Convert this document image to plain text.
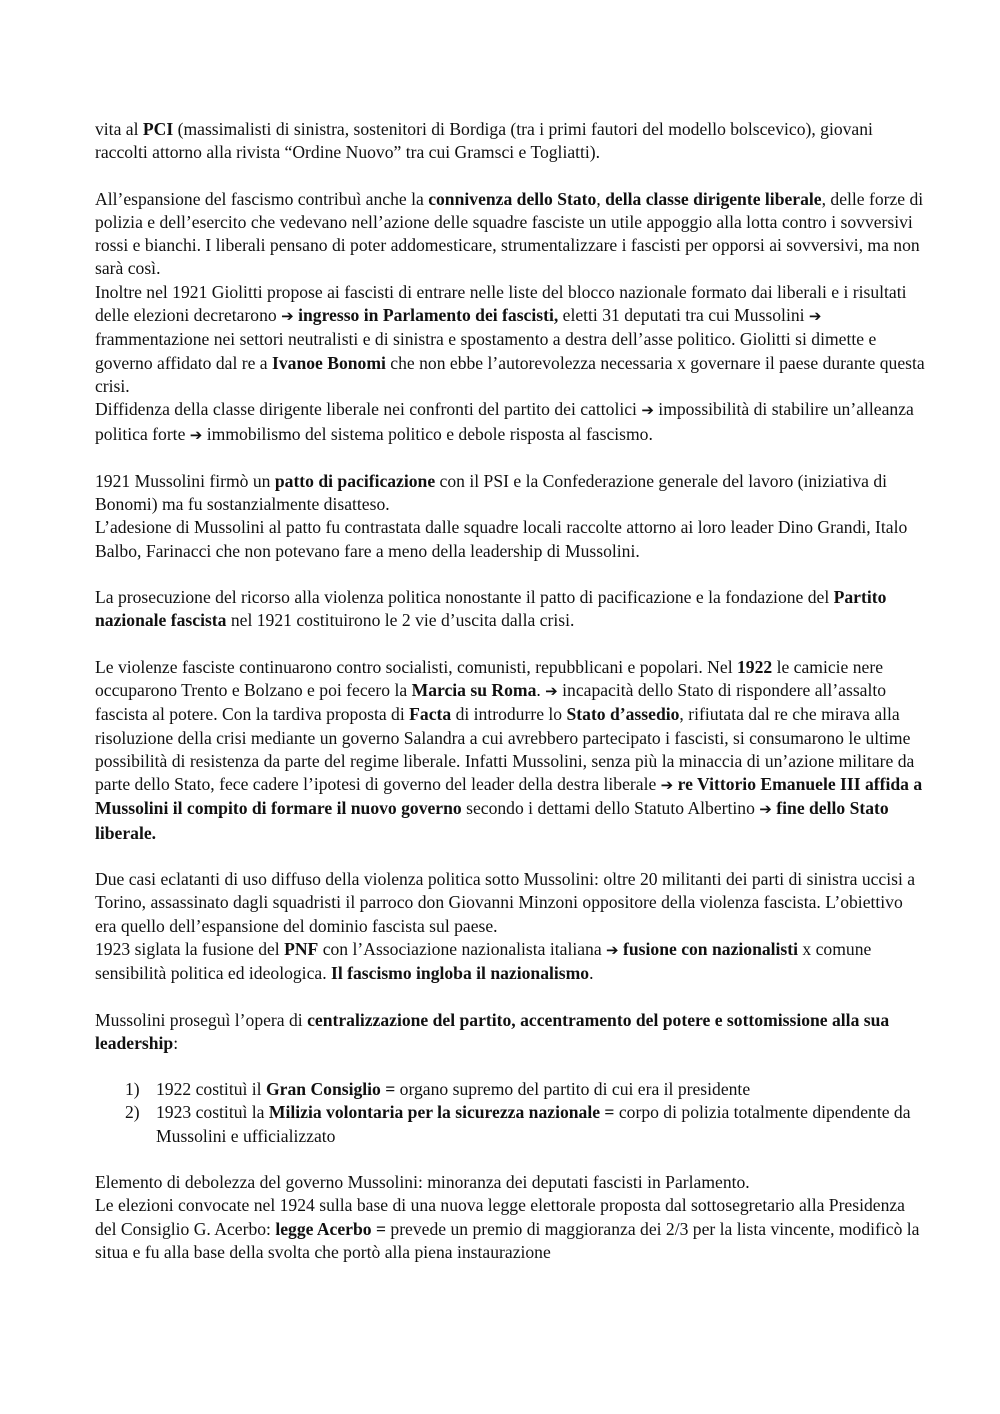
vita al PCI (massimalisti di sinistra, sostenitori di Bordiga (tra i primi fautori del modello bolscevico), giovani raccolti attorno alla rivista “Ordine Nuovo” tra cui Gramsci e Togliatti).

All’espansione del fascismo contribuì anche la connivenza dello Stato, della classe dirigente liberale, delle forze di polizia e dell’esercito che vedevano nell’azione delle squadre fasciste un utile appoggio alla lotta contro i sovversivi rossi e bianchi. I liberali pensano di poter addomesticare, strumentalizzare i fascisti per opporsi ai sovversivi, ma non sarà così.

Inoltre nel 1921 Giolitti propose ai fascisti di entrare nelle liste del blocco nazionale formato dai liberali e i risultati delle elezioni decretarono ➔ ingresso in Parlamento dei fascisti, eletti 31 deputati tra cui Mussolini ➔ frammentazione nei settori neutralisti e di sinistra e spostamento a destra dell’asse politico. Giolitti si dimette e governo affidato dal re a Ivanoe Bonomi che non ebbe l’autorevolezza necessaria x governare il paese durante questa crisi.

Diffidenza della classe dirigente liberale nei confronti del partito dei cattolici ➔ impossibilità di stabilire un’alleanza politica forte ➔ immobilismo del sistema politico e debole risposta al fascismo.

1921 Mussolini firmò un patto di pacificazione con il PSI e la Confederazione generale del lavoro (iniziativa di Bonomi) ma fu sostanzialmente disatteso.

L’adesione di Mussolini al patto fu contrastata dalle squadre locali raccolte attorno ai loro leader Dino Grandi, Italo Balbo, Farinacci che non potevano fare a meno della leadership di Mussolini.

La prosecuzione del ricorso alla violenza politica nonostante il patto di pacificazione e la fondazione del Partito nazionale fascista nel 1921 costituirono le 2 vie d’uscita dalla crisi.

Le violenze fasciste continuarono contro socialisti, comunisti, repubblicani e popolari. Nel 1922 le camicie nere occuparono Trento e Bolzano e poi fecero la Marcia su Roma. ➔ incapacità dello Stato di rispondere all’assalto fascista al potere. Con la tardiva proposta di Facta di introdurre lo Stato d’assedio, rifiutata dal re che mirava alla risoluzione della crisi mediante un governo Salandra a cui avrebbero partecipato i fascisti, si consumarono le ultime possibilità di resistenza da parte del regime liberale. Infatti Mussolini, senza più la minaccia di un’azione militare da parte dello Stato, fece cadere l’ipotesi di governo del leader della destra liberale ➔ re Vittorio Emanuele III affida a Mussolini il compito di formare il nuovo governo secondo i dettami dello Statuto Albertino ➔ fine dello Stato liberale.

Due casi eclatanti di uso diffuso della violenza politica sotto Mussolini: oltre 20 militanti dei parti di sinistra uccisi a Torino, assassinato dagli squadristi il parroco don Giovanni Minzoni oppositore della violenza fascista. L’obiettivo era quello dell’espansione del dominio fascista sul paese.

1923 siglata la fusione del PNF con l’Associazione nazionalista italiana ➔ fusione con nazionalisti x comune sensibilità politica ed ideologica. Il fascismo ingloba il nazionalismo.

Mussolini proseguì l’opera di centralizzazione del partito, accentramento del potere e sottomissione alla sua leadership:

1) 1922 costituì il Gran Consiglio = organo supremo del partito di cui era il presidente
2) 1923 costituì la Milizia volontaria per la sicurezza nazionale = corpo di polizia totalmente dipendente da Mussolini e ufficializzato

Elemento di debolezza del governo Mussolini: minoranza dei deputati fascisti in Parlamento.

Le elezioni convocate nel 1924 sulla base di una nuova legge elettorale proposta dal sottosegretario alla Presidenza del Consiglio G. Acerbo: legge Acerbo = prevede un premio di maggioranza dei 2/3 per la lista vincente, modificò la situa e fu alla base della svolta che portò alla piena instaurazione
